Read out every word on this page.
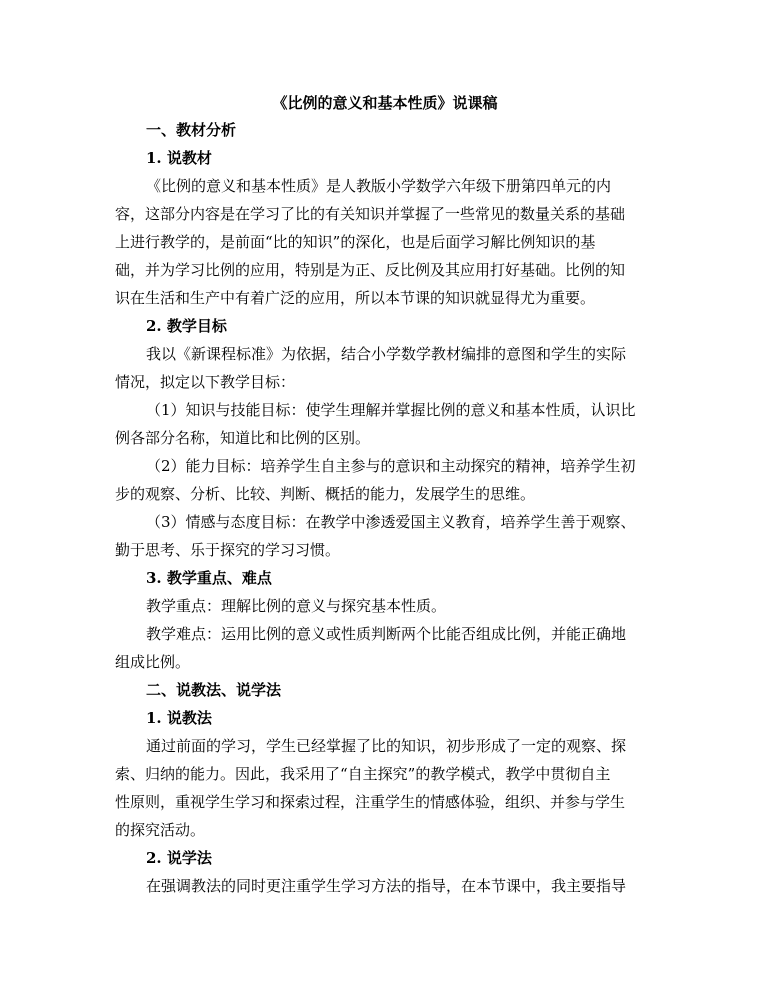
《比例的意义和基本性质》说课稿
一、教材分析
1. 说教材
《比例的意义和基本性质》是人教版小学数学六年级下册第四单元的内
容，这部分内容是在学习了比的有关知识并掌握了一些常见的数量关系的基础
上进行教学的，是前面“比的知识”的深化，也是后面学习解比例知识的基
础，并为学习比例的应用，特别是为正、反比例及其应用打好基础。比例的知
识在生活和生产中有着广泛的应用，所以本节课的知识就显得尤为重要。
2. 教学目标
我以《新课程标准》为依据，结合小学数学教材编排的意图和学生的实际
情况，拟定以下教学目标：
（1）知识与技能目标：使学生理解并掌握比例的意义和基本性质，认识比
例各部分名称，知道比和比例的区别。
（2）能力目标：培养学生自主参与的意识和主动探究的精神，培养学生初
步的观察、分析、比较、判断、概括的能力，发展学生的思维。
（3）情感与态度目标：在教学中渗透爱国主义教育，培养学生善于观察、
勤于思考、乐于探究的学习习惯。
3. 教学重点、难点
教学重点：理解比例的意义与探究基本性质。
教学难点：运用比例的意义或性质判断两个比能否组成比例，并能正确地
组成比例。
二、说教法、说学法
1. 说教法
通过前面的学习，学生已经掌握了比的知识，初步形成了一定的观察、探
索、归纳的能力。因此，我采用了“自主探究”的教学模式，教学中贯彻自主
性原则，重视学生学习和探索过程，注重学生的情感体验，组织、并参与学生
的探究活动。
2. 说学法
在强调教法的同时更注重学生学习方法的指导，在本节课中，我主要指导
